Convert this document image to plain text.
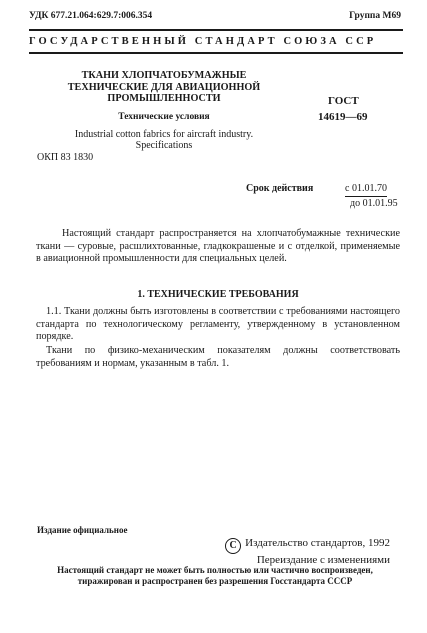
УДК 677.21.064:629.7:006.354	Группа М69
ГОСУДАРСТВЕННЫЙ СТАНДАРТ СОЮЗА ССР
ТКАНИ ХЛОПЧАТОБУМАЖНЫЕ
ТЕХНИЧЕСКИЕ ДЛЯ АВИАЦИОННОЙ
ПРОМЫШЛЕННОСТИ
Технические условия
Industrial cotton fabrics for aircraft industry.
Specifications
ГОСТ
14619—69
ОКП 83 1830
Срок действия	с 01.01.70
до 01.01.95
Настоящий стандарт распространяется на хлопчатобумажные технические ткани — суровые, расшлихтованные, гладкокрашеные и с отделкой, применяемые в авиационной промышленности для специальных целей.
1. ТЕХНИЧЕСКИЕ ТРЕБОВАНИЯ
1.1. Ткани должны быть изготовлены в соответствии с требованиями настоящего стандарта по технологическому регламенту, утвержденному в установленном порядке.
Ткани по физико-механическим показателям должны соответствовать требованиям и нормам, указанным в табл. 1.
Издание официальное
C Издательство стандартов, 1992
Переиздание с изменениями
Настоящий стандарт не может быть полностью или частично воспроизведен, тиражирован и распространен без разрешения Госстандарта СССР
